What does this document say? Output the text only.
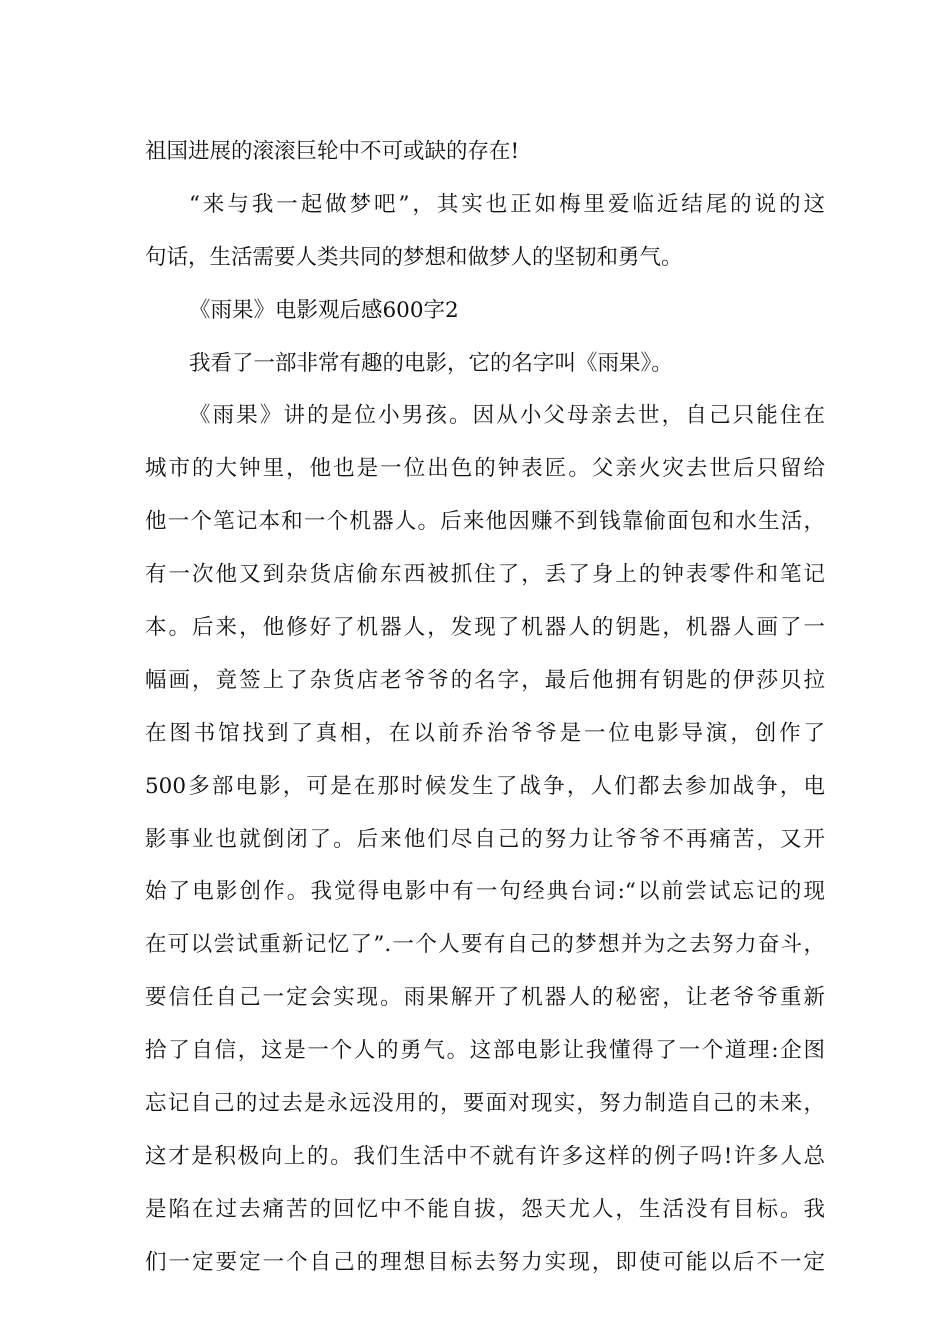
祖国进展的滚滚巨轮中不可或缺的存在!
“来与我一起做梦吧”，其实也正如梅里爱临近结尾的说的这
句话，生活需要人类共同的梦想和做梦人的坚韧和勇气。
《雨果》电影观后感600字2
我看了一部非常有趣的电影，它的名字叫《雨果》。
《雨果》讲的是位小男孩。因从小父母亲去世，自己只能住在
城市的大钟里，他也是一位出色的钟表匠。父亲火灾去世后只留给
他一个笔记本和一个机器人。后来他因赚不到钱靠偷面包和水生活，
有一次他又到杂货店偷东西被抓住了，丢了身上的钟表零件和笔记
本。后来，他修好了机器人，发现了机器人的钥匙，机器人画了一
幅画，竟签上了杂货店老爷爷的名字，最后他拥有钥匙的伊莎贝拉
在图书馆找到了真相，在以前乔治爷爷是一位电影导演，创作了
500多部电影，可是在那时候发生了战争，人们都去参加战争，电
影事业也就倒闭了。后来他们尽自己的努力让爷爷不再痛苦，又开
始了电影创作。我觉得电影中有一句经典台词:“以前尝试忘记的现
在可以尝试重新记忆了”.一个人要有自己的梦想并为之去努力奋斗，
要信任自己一定会实现。雨果解开了机器人的秘密，让老爷爷重新
拾了自信，这是一个人的勇气。这部电影让我懂得了一个道理:企图
忘记自己的过去是永远没用的，要面对现实，努力制造自己的未来，
这才是积极向上的。我们生活中不就有许多这样的例子吗!许多人总
是陷在过去痛苦的回忆中不能自拔，怨天尤人，生活没有目标。我
们一定要定一个自己的理想目标去努力实现，即使可能以后不一定
